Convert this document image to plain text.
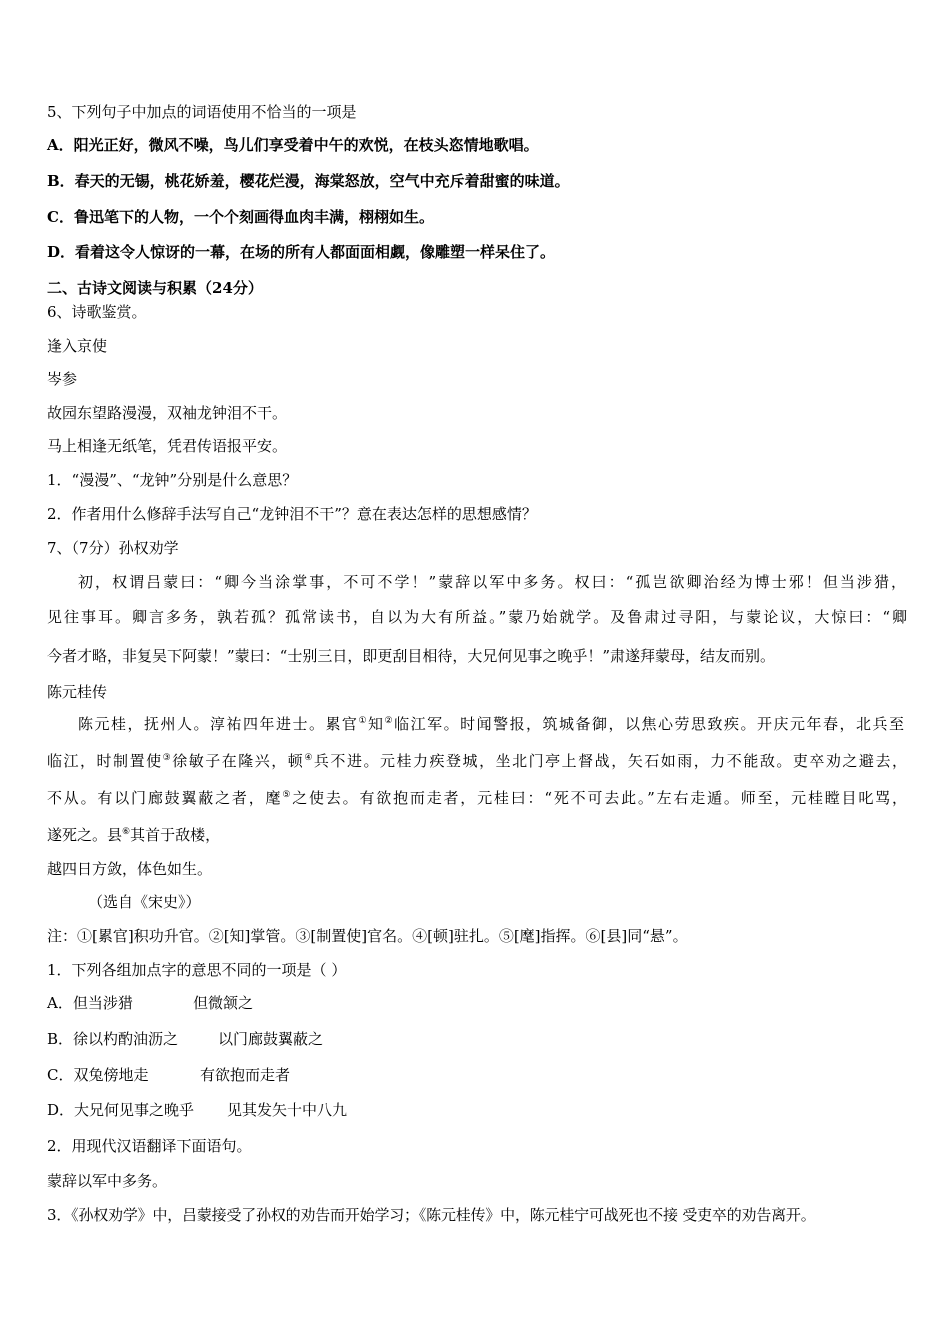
5、下列句子中加点的词语使用不恰当的一项是
A．阳光正好，微风不噪，鸟儿们享受着中午的欢悦，在枝头恣情地歌唱。
B．春天的无锡，桃花娇羞，樱花烂漫，海棠怒放，空气中充斥着甜蜜的味道。
C．鲁迅笔下的人物，一个个刻画得血肉丰满，栩栩如生。
D．看着这令人惊讶的一幕，在场的所有人都面面相觑，像雕塑一样呆住了。
二、古诗文阅读与积累（24分）
6、诗歌鉴赏。
逢入京使
岑参
故园东望路漫漫，双袖龙钟泪不干。
马上相逢无纸笔，凭君传语报平安。
1．“漫漫”、“龙钟”分别是什么意思？
2．作者用什么修辞手法写自己“龙钟泪不干”？意在表达怎样的思想感情？
7、（7分）孙权劝学
初，权谓吕蒙曰：“卿今当涂掌事，不可不学！”蒙辞以军中多务。权曰：“孤岂欲卿治经为博士邪！但当涉猎，
见往事耳。卿言多务，孰若孤？孤常读书，自以为大有所益。”蒙乃始就学。及鲁肃过寻阳，与蒙论议，大惊曰：“卿
今者才略，非复吴下阿蒙！”蒙曰：“士别三日，即更刮目相待，大兄何见事之晚乎！”肃遂拜蒙母，结友而别。
陈元桂传
陈元桂，抚州人。淳祐四年进士。累官①知②临江军。时闻警报，筑城备御，以焦心劳思致疾。开庆元年春，北兵至
临江，时制置使③徐敏子在隆兴，顿④兵不进。元桂力疾登城，坐北门亭上督战，矢石如雨，力不能敌。吏卒劝之避去，
不从。有以门廊鼓翼蔽之者，麾⑤之使去。有欲抱而走者，元桂曰：“死不可去此。”左右走遁。师至，元桂瞠目叱骂，
遂死之。县⑥其首于敌楼，
越四日方敛，体色如生。
（选自《宋史》）
注：①[累官]积功升官。②[知]掌管。③[制置使]官名。④[顿]驻扎。⑤[麾]指挥。⑥[县]同“悬”。
1．下列各组加点字的意思不同的一项是（ ）
A．但当涉猎	但微颔之
B．徐以杓酌油沥之	以门廊鼓翼蔽之
C．双兔傍地走	有欲抱而走者
D．大兄何见事之晚乎 见其发矢十中八九
2．用现代汉语翻译下面语句。
蒙辞以军中多务。
3．《孙权劝学》中，吕蒙接受了孙权的劝告而开始学习；《陈元桂传》中，陈元桂宁可战死也不接 受吏卒的劝告离开。
